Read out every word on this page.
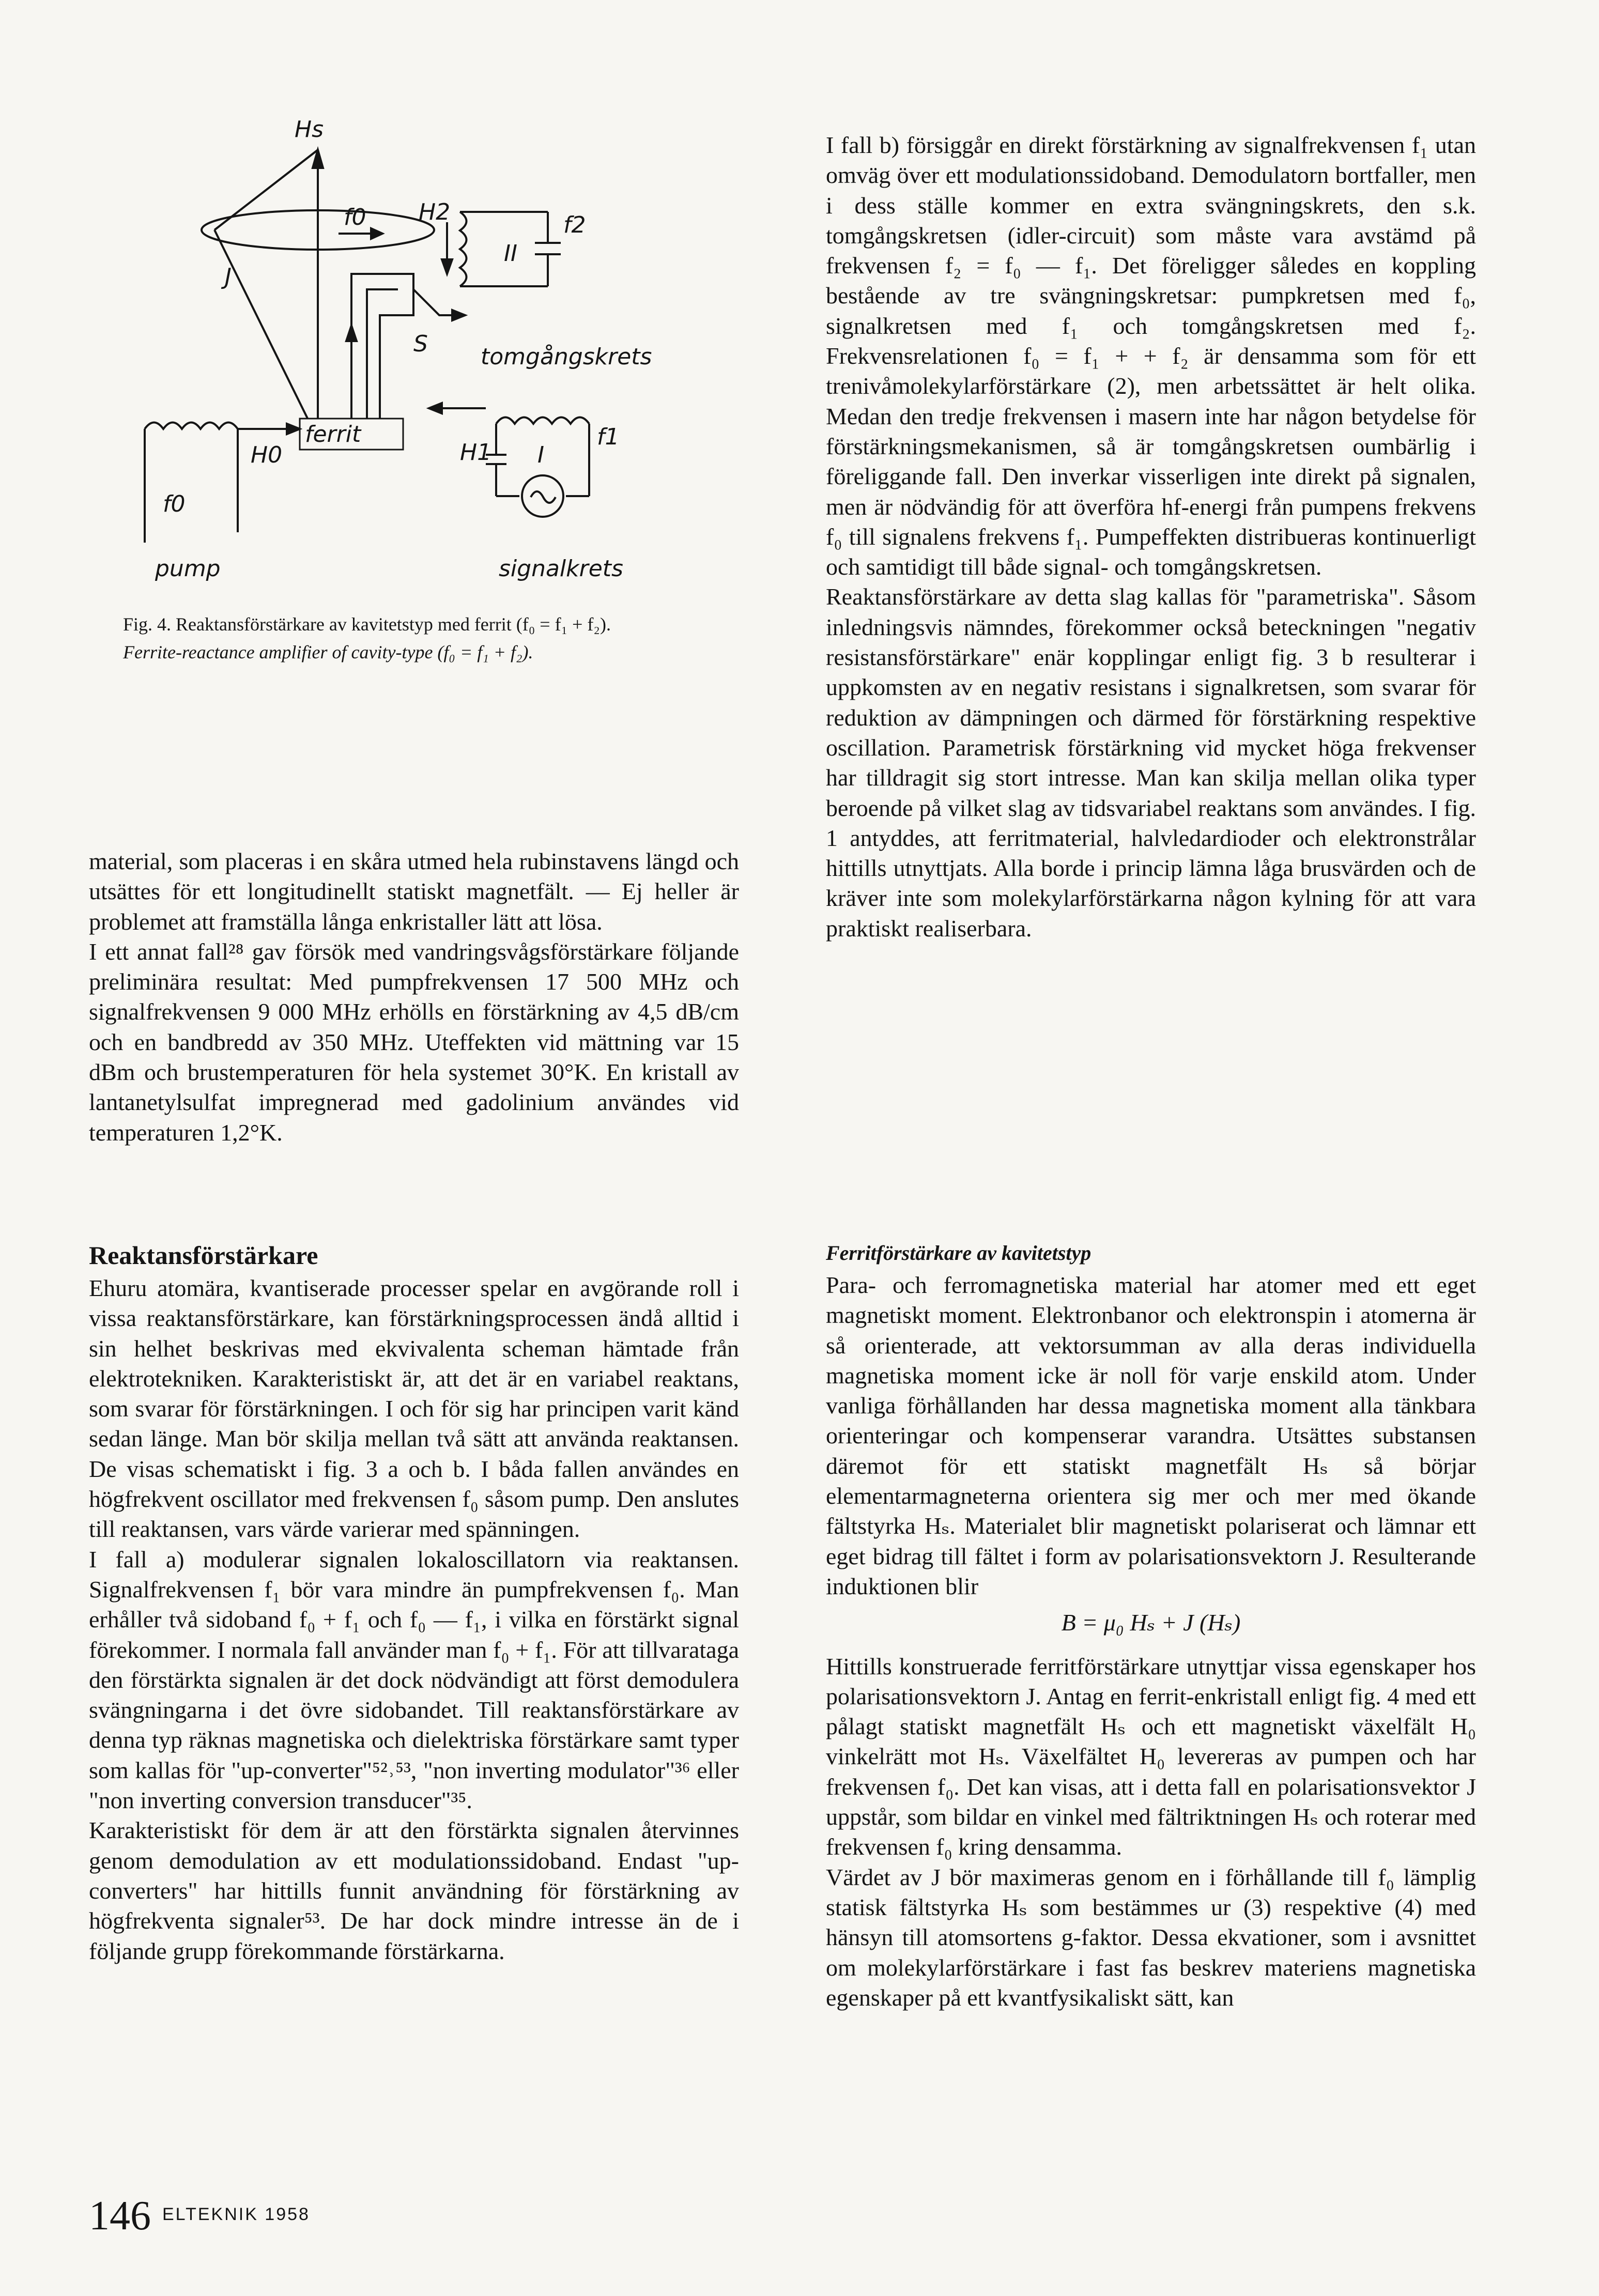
Hs
f0
J
H2	f2
II
S tomgångskrets
ferrit
H0	H1
f1
I
f0
pump	signalkrets
Fig. 4. Reaktansförstärkare av kavitetstyp med ferrit (f₀ = f₁ + f₂).
Ferrite-reactance amplifier of cavity-type (f₀ = f₁ + f₂).

material, som placeras i en skåra utmed hela rubinstavens längd och utsättes för ett longitudinellt statiskt magnetfält. — Ej heller är problemet att framställa långa enkristaller lätt att lösa.

I ett annat fall²⁸ gav försök med vandringsvågsförstärkare följande preliminära resultat: Med pumpfrekvensen 17 500 MHz och signalfrekvensen 9 000 MHz erhölls en förstärkning av 4,5 dB/cm och en bandbredd av 350 MHz. Uteffekten vid mättning var 15 dBm och brustemperaturen för hela systemet 30°K. En kristall av lantanetylsulfat impregnerad med gadolinium användes vid temperaturen 1,2°K.

Reaktansförstärkare

Ehuru atomära, kvantiserade processer spelar en avgörande roll i vissa reaktansförstärkare, kan förstärkningsprocessen ändå alltid i sin helhet beskrivas med ekvivalenta scheman hämtade från elektrotekniken. Karakteristiskt är, att det är en variabel reaktans, som svarar för förstärkningen. I och för sig har principen varit känd sedan länge. Man bör skilja mellan två sätt att använda reaktansen. De visas schematiskt i fig. 3 a och b. I båda fallen användes en högfrekvent oscillator med frekvensen f₀ såsom pump. Den anslutes till reaktansen, vars värde varierar med spänningen.

I fall a) modulerar signalen lokaloscillatorn via reaktansen. Signalfrekvensen f₁ bör vara mindre än pumpfrekvensen f₀. Man erhåller två sidoband f₀ + f₁ och f₀ — f₁, i vilka en förstärkt signal förekommer. I normala fall använder man f₀ + f₁. För att tillvaratagа den förstärkta signalen är det dock nödvändigt att först demodulera svängningarna i det övre sidobandet. Till reaktansförstärkare av denna typ räknas magnetiska och dielektriska förstärkare samt typer som kallas för "up-converter"⁵²˒⁵³, "non inverting modulator"³⁶ eller "non inverting conversion transducer"³⁵.

Karakteristiskt för dem är att den förstärkta signalen återvinnes genom demodulation av ett modulationssidoband. Endast "up-converters" har hittills funnit användning för förstärkning av högfrekventa signaler⁵³. De har dock mindre intresse än de i följande grupp förekommande förstärkarna.

I fall b) försiggår en direkt förstärkning av signalfrekvensen f₁ utan omväg över ett modulationssidoband. Demodulatorn bortfaller, men i dess ställe kommer en extra svängningskrets, den s.k. tomgångskretsen (idler-circuit) som måste vara avstämd på frekvensen f₂ = f₀ — f₁. Det föreligger således en koppling bestående av tre svängningskretsar: pumpkretsen med f₀, signalkretsen med f₁ och tomgångskretsen med f₂. Frekvensrelationen f₀ = f₁ + + f₂ är densamma som för ett trenivåmolekylarförstärkare (2), men arbetssättet är helt olika. Medan den tredje frekvensen i masern inte har någon betydelse för förstärkningsmekanismen, så är tomgångskretsen oumbärlig i föreliggande fall. Den inverkar visserligen inte direkt på signalen, men är nödvändig för att överföra hf-energi från pumpens frekvens f₀ till signalens frekvens f₁. Pumpeffekten distribueras kontinuerligt och samtidigt till både signal- och tomgångskretsen.

Reaktansförstärkare av detta slag kallas för "parametriska". Såsom inledningsvis nämndes, förekommer också beteckningen "negativ resistansförstärkare" enär kopplingar enligt fig. 3 b resulterar i uppkomsten av en negativ resistans i signalkretsen, som svarar för reduktion av dämpningen och därmed för förstärkning respektive oscillation. Parametrisk förstärkning vid mycket höga frekvenser har tilldragit sig stort intresse. Man kan skilja mellan olika typer beroende på vilket slag av tidsvariabel reaktans som användes. I fig. 1 antyddes, att ferritmaterial, halvledardioder och elektronstrålar hittills utnyttjats. Alla borde i princip lämna låga brusvärden och de kräver inte som molekylarförstärkarna någon kylning för att vara praktiskt realiserbara.

Ferritförstärkare av kavitetstyp

Para- och ferromagnetiska material har atomer med ett eget magnetiskt moment. Elektronbanor och elektronspin i atomerna är så orienterade, att vektorsumman av alla deras individuella magnetiska moment icke är noll för varje enskild atom. Under vanliga förhållanden har dessa magnetiska moment alla tänkbara orienteringar och kompenserar varandra. Utsättes substansen däremot för ett statiskt magnetfält Hₛ så börjar elementarmagneterna orientera sig mer och mer med ökande fältstyrka Hₛ. Materialet blir magnetiskt polariserat och lämnar ett eget bidrag till fältet i form av polarisationsvektorn J. Resulterande induktionen blir

B = μ₀ Hₛ + J (Hₛ)

Hittills konstruerade ferritförstärkare utnyttjar vissa egenskaper hos polarisationsvektorn J. Antag en ferrit-enkristall enligt fig. 4 med ett pålagt statiskt magnetfält Hₛ och ett magnetiskt växelfält H₀ vinkelrätt mot Hₛ. Växelfältet H₀ levereras av pumpen och har frekvensen f₀. Det kan visas, att i detta fall en polarisationsvektor J uppstår, som bildar en vinkel med fältriktningen Hₛ och roterar med frekvensen f₀ kring densamma.

Värdet av J bör maximeras genom en i förhållande till f₀ lämplig statisk fältstyrka Hₛ som bestämmes ur (3) respektive (4) med hänsyn till atomsortens g-faktor. Dessa ekvationer, som i avsnittet om molekylarförstärkare i fast fas beskrev materiens magnetiska egenskaper på ett kvantfysikaliskt sätt, kan

146 $^{ELTEKNIK 1958}$
